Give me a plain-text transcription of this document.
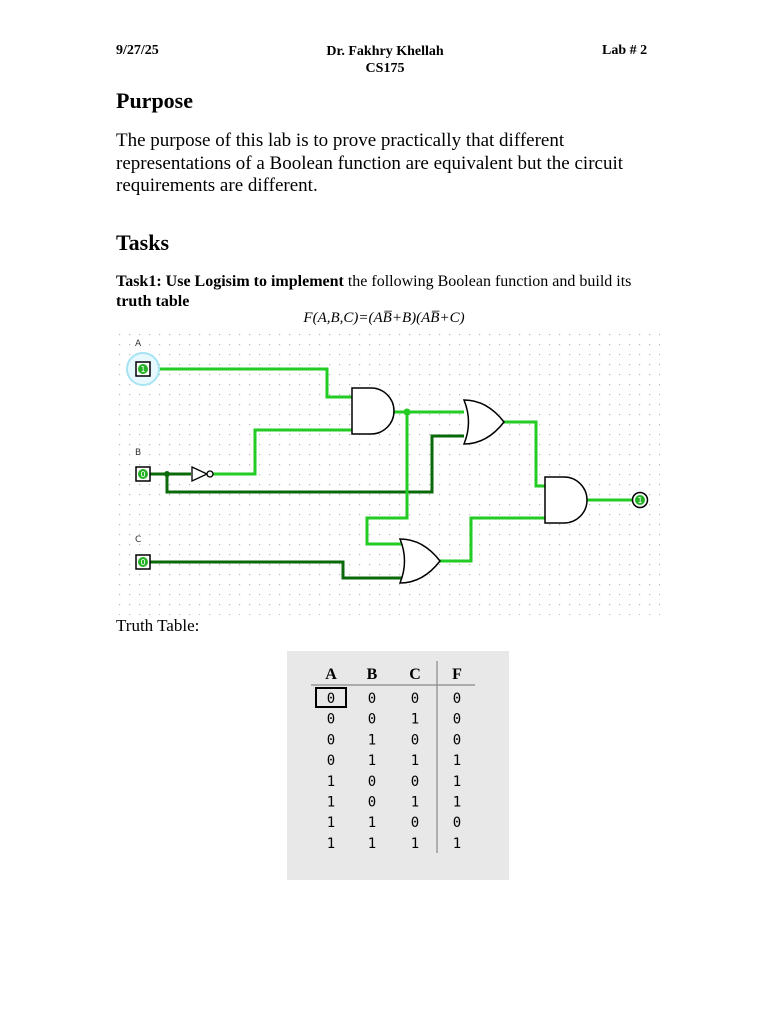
9/27/25	Dr. Fakhry Khellah
CS175
Lab # 2
Purpose
The purpose of this lab is to prove practically that different representations of a Boolean function are equivalent but the circuit requirements are different.
Tasks
Task1: Use Logisim to implement the following Boolean function and build its truth table
F(A,B,C)=(AB̅+B)(AB̅+C)
A
1
B
0
C
0
1
Truth Table:
A B C F
0 0 0 0
0 0 1 0
0 1 0 0
0 1 1 1
1 0 0 1
1 0 1 1
1 1 0 0
1 1 1 1
